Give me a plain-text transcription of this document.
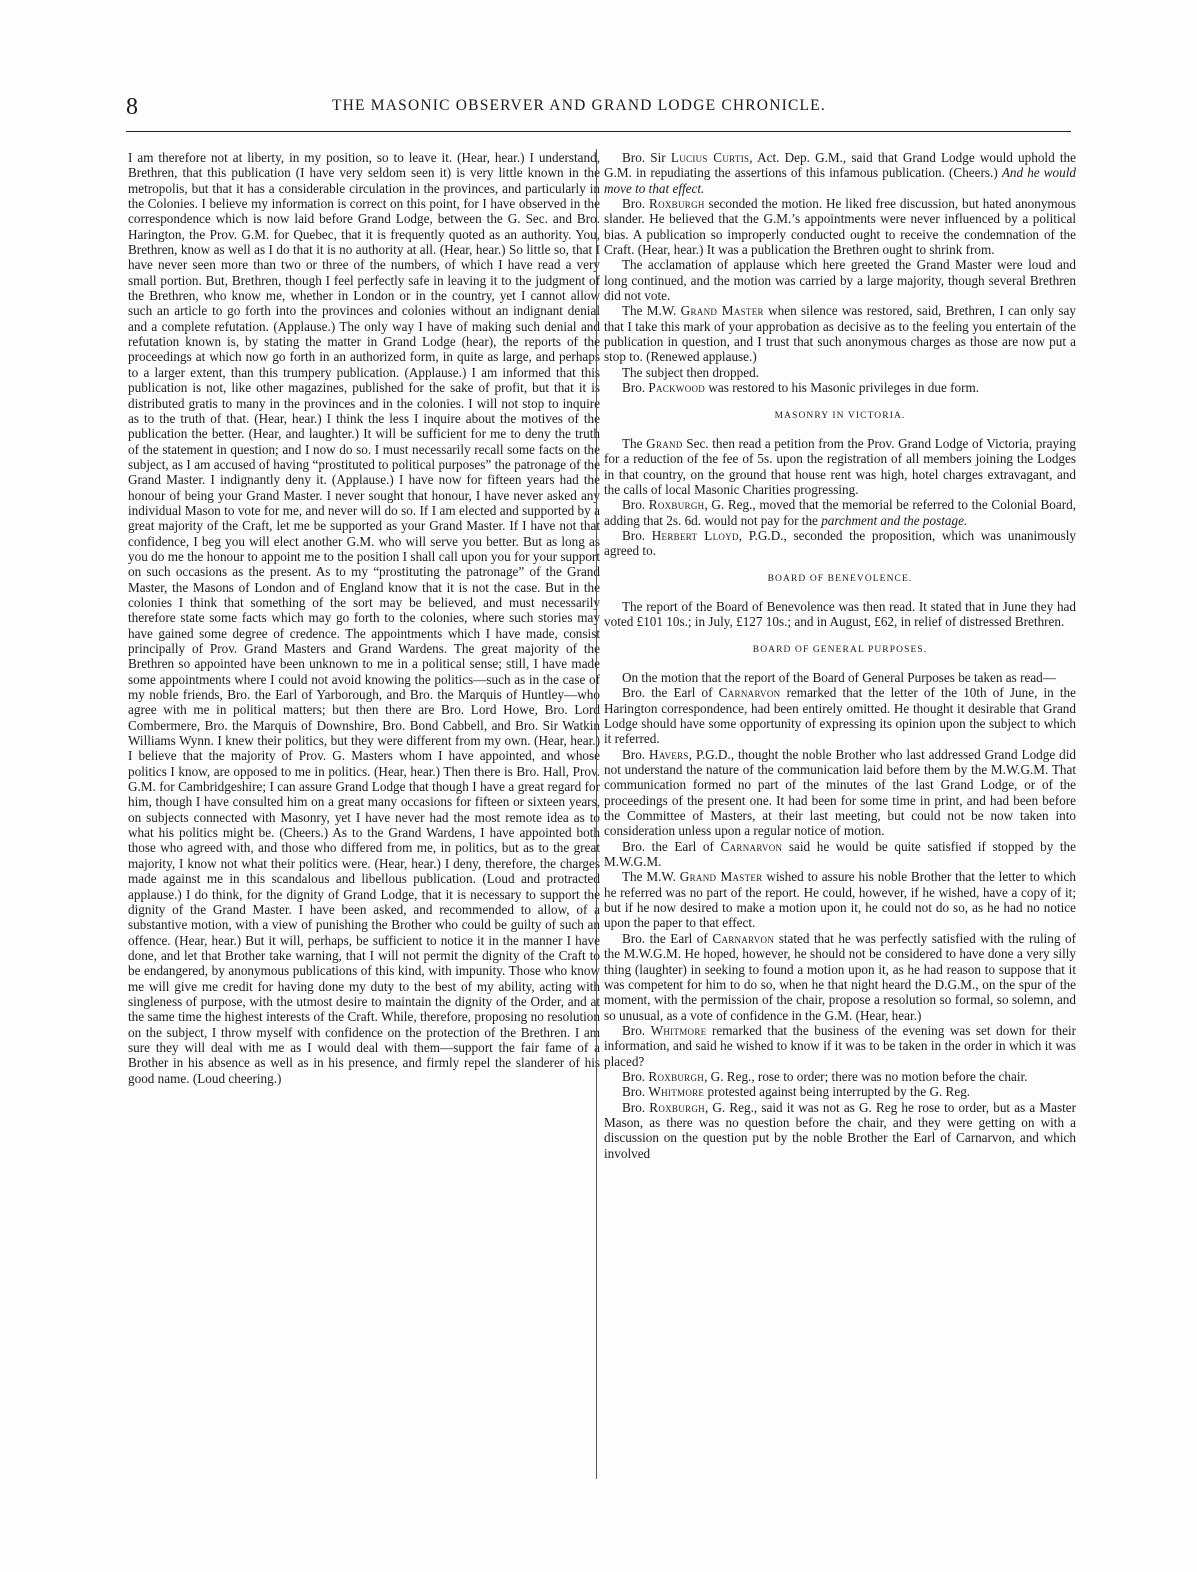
8	THE MASONIC OBSERVER AND GRAND LODGE CHRONICLE.

I am therefore not at liberty, in my position, so to leave it. (Hear, hear.) I understand, Brethren, that this publication (I have very seldom seen it) is very little known in the metropolis, but that it has a considerable circulation in the provinces, and particularly in the Colonies. I believe my information is correct on this point, for I have observed in the correspondence which is now laid before Grand Lodge, between the G. Sec. and Bro. Harington, the Prov. G.M. for Quebec, that it is frequently quoted as an authority. You, Brethren, know as well as I do that it is no authority at all. (Hear, hear.) So little so, that I have never seen more than two or three of the numbers, of which I have read a very small portion. But, Brethren, though I feel perfectly safe in leaving it to the judgment of the Brethren, who know me, whether in London or in the country, yet I cannot allow such an article to go forth into the provinces and colonies without an indignant denial and a complete refutation. (Applause.) The only way I have of making such denial and refutation known is, by stating the matter in Grand Lodge (hear), the reports of the proceedings at which now go forth in an authorized form, in quite as large, and perhaps to a larger extent, than this trumpery publication. (Applause.) I am informed that this publication is not, like other magazines, published for the sake of profit, but that it is distributed gratis to many in the provinces and in the colonies. I will not stop to inquire as to the truth of that. (Hear, hear.) I think the less I inquire about the motives of the publication the better. (Hear, and laughter.) It will be sufficient for me to deny the truth of the statement in question; and I now do so. I must necessarily recall some facts on the subject, as I am accused of having “prostituted to political purposes” the patronage of the Grand Master. I indignantly deny it. (Applause.) I have now for fifteen years had the honour of being your Grand Master. I never sought that honour, I have never asked any individual Mason to vote for me, and never will do so. If I am elected and supported by a great majority of the Craft, let me be supported as your Grand Master. If I have not that confidence, I beg you will elect another G.M. who will serve you better. But as long as you do me the honour to appoint me to the position I shall call upon you for your support on such occasions as the present. As to my “prostituting the patronage” of the Grand Master, the Masons of London and of England know that it is not the case. But in the colonies I think that something of the sort may be believed, and must necessarily therefore state some facts which may go forth to the colonies, where such stories may have gained some degree of credence. The appointments which I have made, consist principally of Prov. Grand Masters and Grand Wardens. The great majority of the Brethren so appointed have been unknown to me in a political sense; still, I have made some appointments where I could not avoid knowing the politics—such as in the case of my noble friends, Bro. the Earl of Yarborough, and Bro. the Marquis of Huntley—who agree with me in political matters; but then there are Bro. Lord Howe, Bro. Lord Combermere, Bro. the Marquis of Downshire, Bro. Bond Cabbell, and Bro. Sir Watkin Williams Wynn. I knew their politics, but they were different from my own. (Hear, hear.) I believe that the majority of Prov. G. Masters whom I have appointed, and whose politics I know, are opposed to me in politics. (Hear, hear.) Then there is Bro. Hall, Prov. G.M. for Cambridgeshire; I can assure Grand Lodge that though I have a great regard for him, though I have consulted him on a great many occasions for fifteen or sixteen years, on subjects connected with Masonry, yet I have never had the most remote idea as to what his politics might be. (Cheers.) As to the Grand Wardens, I have appointed both those who agreed with, and those who differed from me, in politics, but as to the great majority, I know not what their politics were. (Hear, hear.) I deny, therefore, the charges made against me in this scandalous and libellous publication. (Loud and protracted applause.) I do think, for the dignity of Grand Lodge, that it is necessary to support the dignity of the Grand Master. I have been asked, and recommended to allow, of a substantive motion, with a view of punishing the Brother who could be guilty of such an offence. (Hear, hear.) But it will, perhaps, be sufficient to notice it in the manner I have done, and let that Brother take warning, that I will not permit the dignity of the Craft to be endangered, by anonymous publications of this kind, with impunity. Those who know me will give me credit for having done my duty to the best of my ability, acting with singleness of purpose, with the utmost desire to maintain the dignity of the Order, and at the same time the highest interests of the Craft. While, therefore, proposing no resolution on the subject, I throw myself with confidence on the protection of the Brethren. I am sure they will deal with me as I would deal with them—support the fair fame of a Brother in his absence as well as in his presence, and firmly repel the slanderer of his good name. (Loud cheering.)

Bro. Sir Lucius Curtis, Act. Dep. G.M., said that Grand Lodge would uphold the G.M. in repudiating the assertions of this infamous publication. (Cheers.) And he would move to that effect.

Bro. Roxburgh seconded the motion. He liked free discussion, but hated anonymous slander. He believed that the G.M.’s appointments were never influenced by a political bias. A publication so improperly conducted ought to receive the condemnation of the Craft. (Hear, hear.) It was a publication the Brethren ought to shrink from.

The acclamation of applause which here greeted the Grand Master were loud and long continued, and the motion was carried by a large majority, though several Brethren did not vote.

The M.W. Grand Master when silence was restored, said, Brethren, I can only say that I take this mark of your approbation as decisive as to the feeling you entertain of the publication in question, and I trust that such anonymous charges as those are now put a stop to. (Renewed applause.)

The subject then dropped.

Bro. Packwood was restored to his Masonic privileges in due form.

MASONRY IN VICTORIA.

The Grand Sec. then read a petition from the Prov. Grand Lodge of Victoria, praying for a reduction of the fee of 5s. upon the registration of all members joining the Lodges in that country, on the ground that house rent was high, hotel charges extravagant, and the calls of local Masonic Charities progressing.

Bro. Roxburgh, G. Reg., moved that the memorial be referred to the Colonial Board, adding that 2s. 6d. would not pay for the parchment and the postage.

Bro. Herbert Lloyd, P.G.D., seconded the proposition, which was unanimously agreed to.

BOARD OF BENEVOLENCE.

The report of the Board of Benevolence was then read. It stated that in June they had voted £101 10s.; in July, £127 10s.; and in August, £62, in relief of distressed Brethren.

BOARD OF GENERAL PURPOSES.

On the motion that the report of the Board of General Purposes be taken as read—

Bro. the Earl of Carnarvon remarked that the letter of the 10th of June, in the Harington correspondence, had been entirely omitted. He thought it desirable that Grand Lodge should have some opportunity of expressing its opinion upon the subject to which it referred.

Bro. Havers, P.G.D., thought the noble Brother who last addressed Grand Lodge did not understand the nature of the communication laid before them by the M.W.G.M. That communication formed no part of the minutes of the last Grand Lodge, or of the proceedings of the present one. It had been for some time in print, and had been before the Committee of Masters, at their last meeting, but could not be now taken into consideration unless upon a regular notice of motion.

Bro. the Earl of Carnarvon said he would be quite satisfied if stopped by the M.W.G.M.

The M.W. Grand Master wished to assure his noble Brother that the letter to which he referred was no part of the report. He could, however, if he wished, have a copy of it; but if he now desired to make a motion upon it, he could not do so, as he had no notice upon the paper to that effect.

Bro. the Earl of Carnarvon stated that he was perfectly satisfied with the ruling of the M.W.G.M. He hoped, however, he should not be considered to have done a very silly thing (laughter) in seeking to found a motion upon it, as he had reason to suppose that it was competent for him to do so, when he that night heard the D.G.M., on the spur of the moment, with the permission of the chair, propose a resolution so formal, so solemn, and so unusual, as a vote of confidence in the G.M. (Hear, hear.)

Bro. Whitmore remarked that the business of the evening was set down for their information, and said he wished to know if it was to be taken in the order in which it was placed?

Bro. Roxburgh, G. Reg., rose to order; there was no motion before the chair.

Bro. Whitmore protested against being interrupted by the G. Reg.

Bro. Roxburgh, G. Reg., said it was not as G. Reg he rose to order, but as a Master Mason, as there was no question before the chair, and they were getting on with a discussion on the question put by the noble Brother the Earl of Carnarvon, and which involved
